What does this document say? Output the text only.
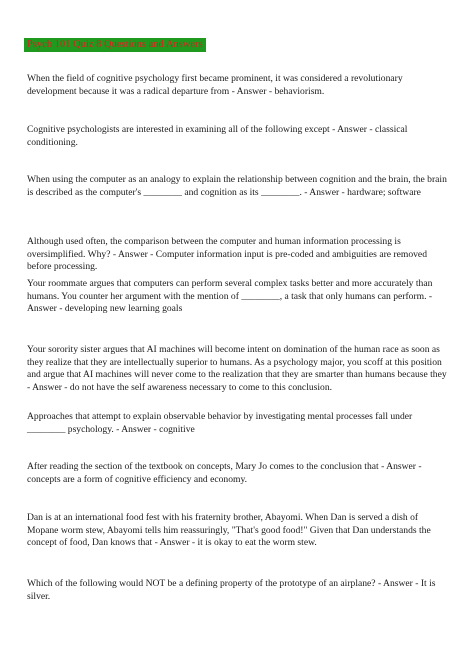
Psych 101 Quiz 8 Questions and Answers

When the field of cognitive psychology first became prominent, it was considered a revolutionary development because it was a radical departure from - Answer - behaviorism.

Cognitive psychologists are interested in examining all of the following except - Answer - classical conditioning.

When using the computer as an analogy to explain the relationship between cognition and the brain, the brain is described as the computer's ________ and cognition as its ________. - Answer - hardware; software

Although used often, the comparison between the computer and human information processing is oversimplified. Why? - Answer - Computer information input is pre-coded and ambiguities are removed before processing.

Your roommate argues that computers can perform several complex tasks better and more accurately than humans. You counter her argument with the mention of ________, a task that only humans can perform. - Answer - developing new learning goals

Your sorority sister argues that AI machines will become intent on domination of the human race as soon as they realize that they are intellectually superior to humans. As a psychology major, you scoff at this position and argue that AI machines will never come to the realization that they are smarter than humans because they - Answer - do not have the self awareness necessary to come to this conclusion.

Approaches that attempt to explain observable behavior by investigating mental processes fall under ________ psychology. - Answer - cognitive

After reading the section of the textbook on concepts, Mary Jo comes to the conclusion that - Answer - concepts are a form of cognitive efficiency and economy.

Dan is at an international food fest with his fraternity brother, Abayomi. When Dan is served a dish of Mopane worm stew, Abayomi tells him reassuringly, "That's good food!" Given that Dan understands the concept of food, Dan knows that - Answer - it is okay to eat the worm stew.

Which of the following would NOT be a defining property of the prototype of an airplane? - Answer - It is silver.
